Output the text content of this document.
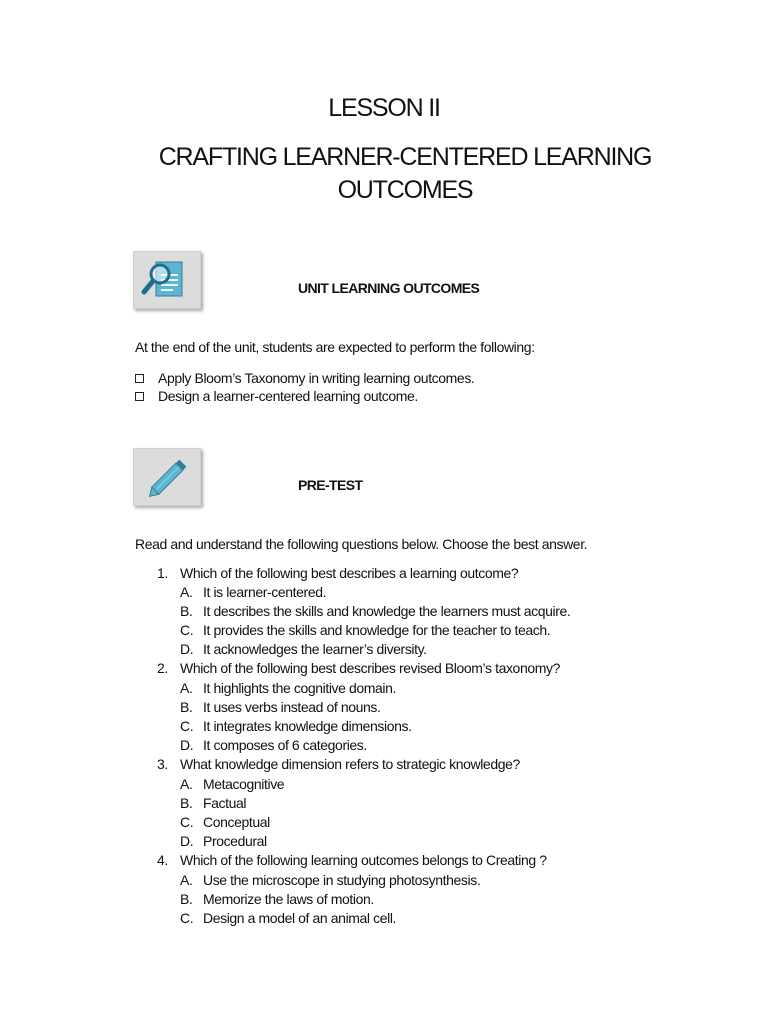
LESSON II
CRAFTING LEARNER-CENTERED LEARNING OUTCOMES
UNIT LEARNING OUTCOMES
At the end of the unit, students are expected to perform the following:
Apply Bloom’s Taxonomy in writing learning outcomes.
Design a learner-centered learning outcome.
PRE-TEST
Read and understand the following questions below. Choose the best answer.
1. Which of the following best describes a learning outcome?
A. It is learner-centered.
B. It describes the skills and knowledge the learners must acquire.
C. It provides the skills and knowledge for the teacher to teach.
D. It acknowledges the learner’s diversity.
2. Which of the following best describes revised Bloom’s taxonomy?
A. It highlights the cognitive domain.
B. It uses verbs instead of nouns.
C. It integrates knowledge dimensions.
D. It composes of 6 categories.
3. What knowledge dimension refers to strategic knowledge?
A. Metacognitive
B. Factual
C. Conceptual
D. Procedural
4. Which of the following learning outcomes belongs to Creating ?
A. Use the microscope in studying photosynthesis.
B. Memorize the laws of motion.
C. Design a model of an animal cell.
